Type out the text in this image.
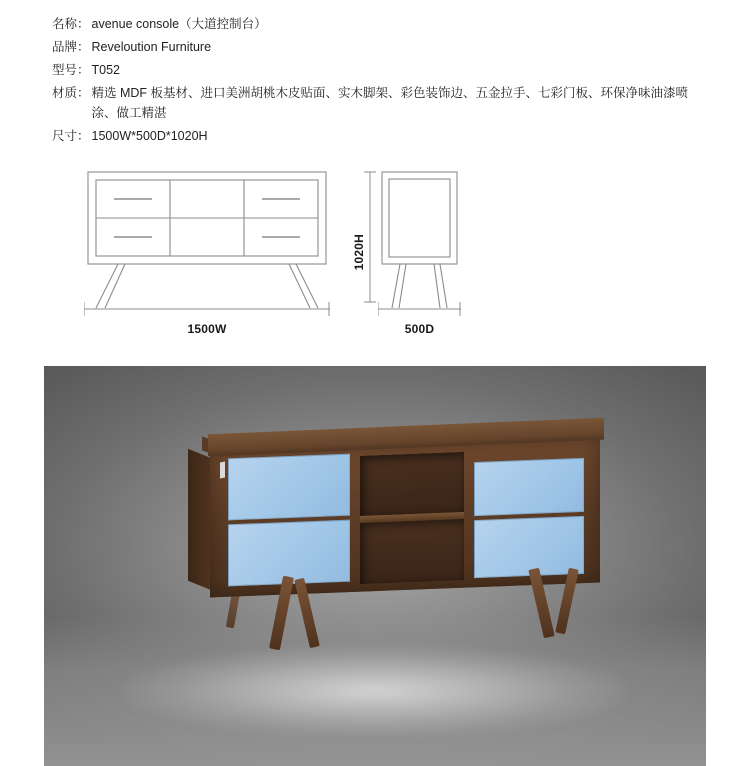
名称： avenue console（大道控制台）
品牌： Reveloution Furniture
型号： T052
材质： 精选 MDF 板基材、进口美洲胡桃木皮贴面、实木脚架、彩色装饰边、五金拉手、七彩门板、环保净味油漆喷涂、做工精湛
尺寸： 1500W*500D*1020H
1020H
1500W	500D
